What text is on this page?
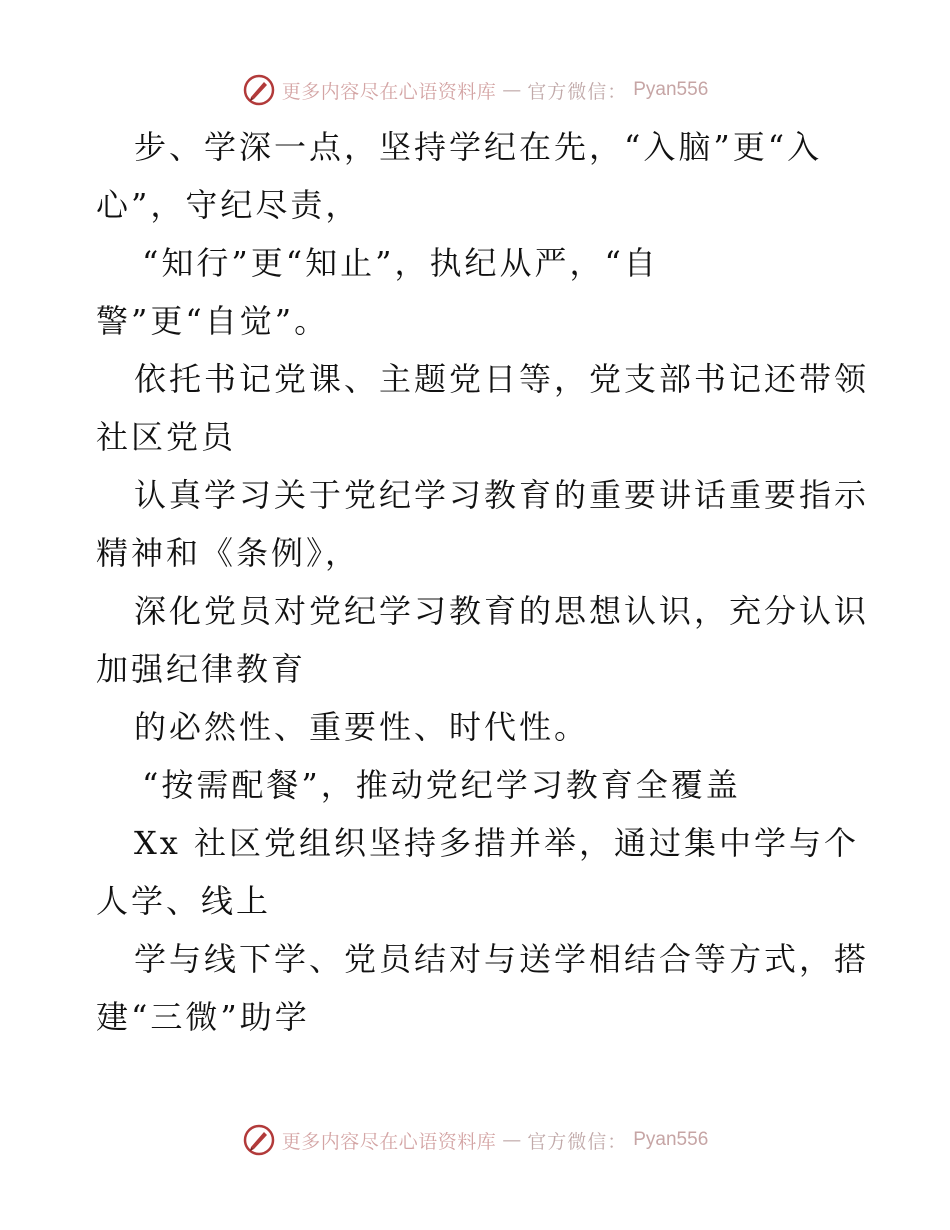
更多内容尽在心语资料库 — 官方微信： Pyan556

步、学深一点，坚持学纪在先，“入脑”更“入

心”，守纪尽责，

“知行”更“知止”，执纪从严，“自

警”更“自觉”。

依托书记党课、主题党日等，党支部书记还带领

社区党员

认真学习关于党纪学习教育的重要讲话重要指示

精神和《条例》，

深化党员对党纪学习教育的思想认识，充分认识

加强纪律教育

的必然性、重要性、时代性。

“按需配餐”，推动党纪学习教育全覆盖

Xx 社区党组织坚持多措并举，通过集中学与个

人学、线上

学与线下学、党员结对与送学相结合等方式，搭

建“三微”助学

更多内容尽在心语资料库 — 官方微信： Pyan556
